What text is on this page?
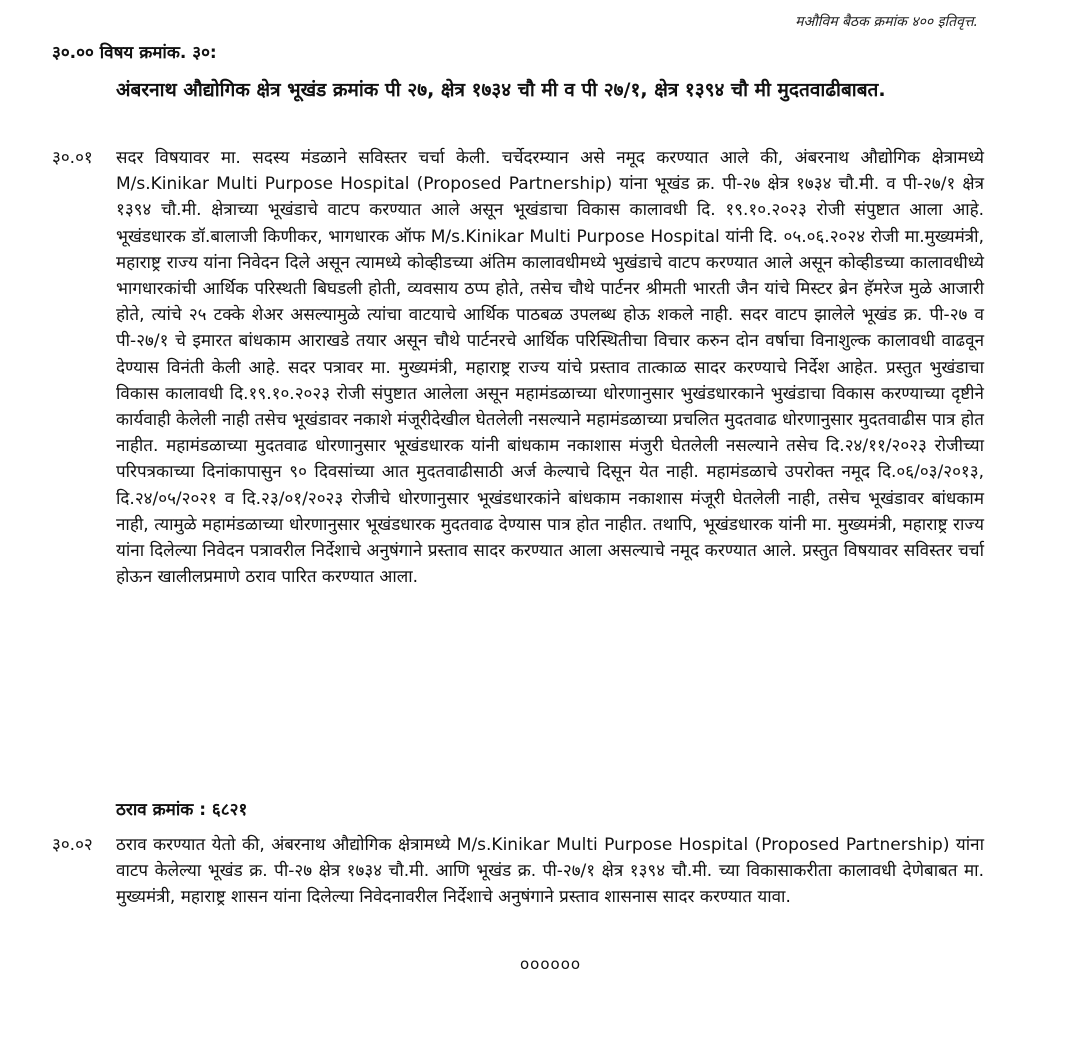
मऔविम बैठक क्रमांक ४०० इतिवृत्त.
३०.०० विषय क्रमांक. ३०:
अंबरनाथ औद्योगिक क्षेत्र भूखंड क्रमांक पी २७, क्षेत्र १७३४ चौ मी व पी २७/१, क्षेत्र १३९४ चौ मी मुदतवाढीबाबत.
३०.०१ सदर विषयावर मा. सदस्य मंडळाने सविस्तर चर्चा केली. चर्चेदरम्यान असे नमूद करण्यात आले की, अंबरनाथ औद्योगिक क्षेत्रामध्ये M/s.Kinikar Multi Purpose Hospital (Proposed Partnership) यांना भूखंड क्र. पी-२७ क्षेत्र १७३४ चौ.मी. व पी-२७/१ क्षेत्र १३९४ चौ.मी. क्षेत्राच्या भूखंडाचे वाटप करण्यात आले असून भूखंडाचा विकास कालावधी दि. १९.१०.२०२३ रोजी संपुष्टात आला आहे. भूखंडधारक डॉ.बालाजी किणीकर, भागधारक ऑफ M/s.Kinikar Multi Purpose Hospital यांनी दि. ०५.०६.२०२४ रोजी मा.मुख्यमंत्री, महाराष्ट्र राज्य यांना निवेदन दिले असून त्यामध्ये कोव्हीडच्या अंतिम कालावधीमध्ये भुखंडाचे वाटप करण्यात आले असून कोव्हीडच्या कालावधीध्ये भागधारकांची आर्थिक परिस्थती बिघडली होती, व्यवसाय ठप्प होते, तसेच चौथे पार्टनर श्रीमती भारती जैन यांचे मिस्टर ब्रेन हॅमरेज मुळे आजारी होते, त्यांचे २५ टक्के शेअर असल्यामुळे त्यांचा वाटयाचे आर्थिक पाठबळ उपलब्ध होऊ शकले नाही. सदर वाटप झालेले भूखंड क्र. पी-२७ व पी-२७/१ चे इमारत बांधकाम आराखडे तयार असून चौथे पार्टनरचे आर्थिक परिस्थितीचा विचार करुन दोन वर्षाचा विनाशुल्क कालावधी वाढवून देण्यास विनंती केली आहे. सदर पत्रावर मा. मुख्यमंत्री, महाराष्ट्र राज्य यांचे प्रस्ताव तात्काळ सादर करण्याचे निर्देश आहेत. प्रस्तुत भुखंडाचा विकास कालावधी दि.१९.१०.२०२३ रोजी संपुष्टात आलेला असून महामंडळाच्या धोरणानुसार भुखंडधारकाने भुखंडाचा विकास करण्याच्या दृष्टीने कार्यवाही केलेली नाही तसेच भूखंडावर नकाशे मंजूरीदेखील घेतलेली नसल्याने महामंडळाच्या प्रचलित मुदतवाढ धोरणानुसार मुदतवाढीस पात्र होत नाहीत. महामंडळाच्या मुदतवाढ धोरणानुसार भूखंडधारक यांनी बांधकाम नकाशास मंजुरी घेतलेली नसल्याने तसेच दि.२४/११/२०२३ रोजीच्या परिपत्रकाच्या दिनांकापासुन ९० दिवसांच्या आत मुदतवाढीसाठी अर्ज केल्याचे दिसून येत नाही. महामंडळाचे उपरोक्त नमूद दि.०६/०३/२०१३, दि.२४/०५/२०२१ व दि.२३/०१/२०२३ रोजीचे धोरणानुसार भूखंडधारकांने बांधकाम नकाशास मंजूरी घेतलेली नाही, तसेच भूखंडावर बांधकाम नाही, त्यामुळे महामंडळाच्या धोरणानुसार भूखंडधारक मुदतवाढ देण्यास पात्र होत नाहीत. तथापि, भूखंडधारक यांनी मा. मुख्यमंत्री, महाराष्ट्र राज्य यांना दिलेल्या निवेदन पत्रावरील निर्देशाचे अनुषंगाने प्रस्ताव सादर करण्यात आला असल्याचे नमूद करण्यात आले. प्रस्तुत विषयावर सविस्तर चर्चा होऊन खालीलप्रमाणे ठराव पारित करण्यात आला.
ठराव क्रमांक : ६८२१
३०.०२ ठराव करण्यात येतो की, अंबरनाथ औद्योगिक क्षेत्रामध्ये M/s.Kinikar Multi Purpose Hospital (Proposed Partnership) यांना वाटप केलेल्या भूखंड क्र. पी-२७ क्षेत्र १७३४ चौ.मी. आणि भूखंड क्र. पी-२७/१ क्षेत्र १३९४ चौ.मी. च्या विकासाकरीता कालावधी देणेबाबत मा. मुख्यमंत्री, महाराष्ट्र शासन यांना दिलेल्या निवेदनावरील निर्देशाचे अनुषंगाने प्रस्ताव शासनास सादर करण्यात यावा.
oooooo
